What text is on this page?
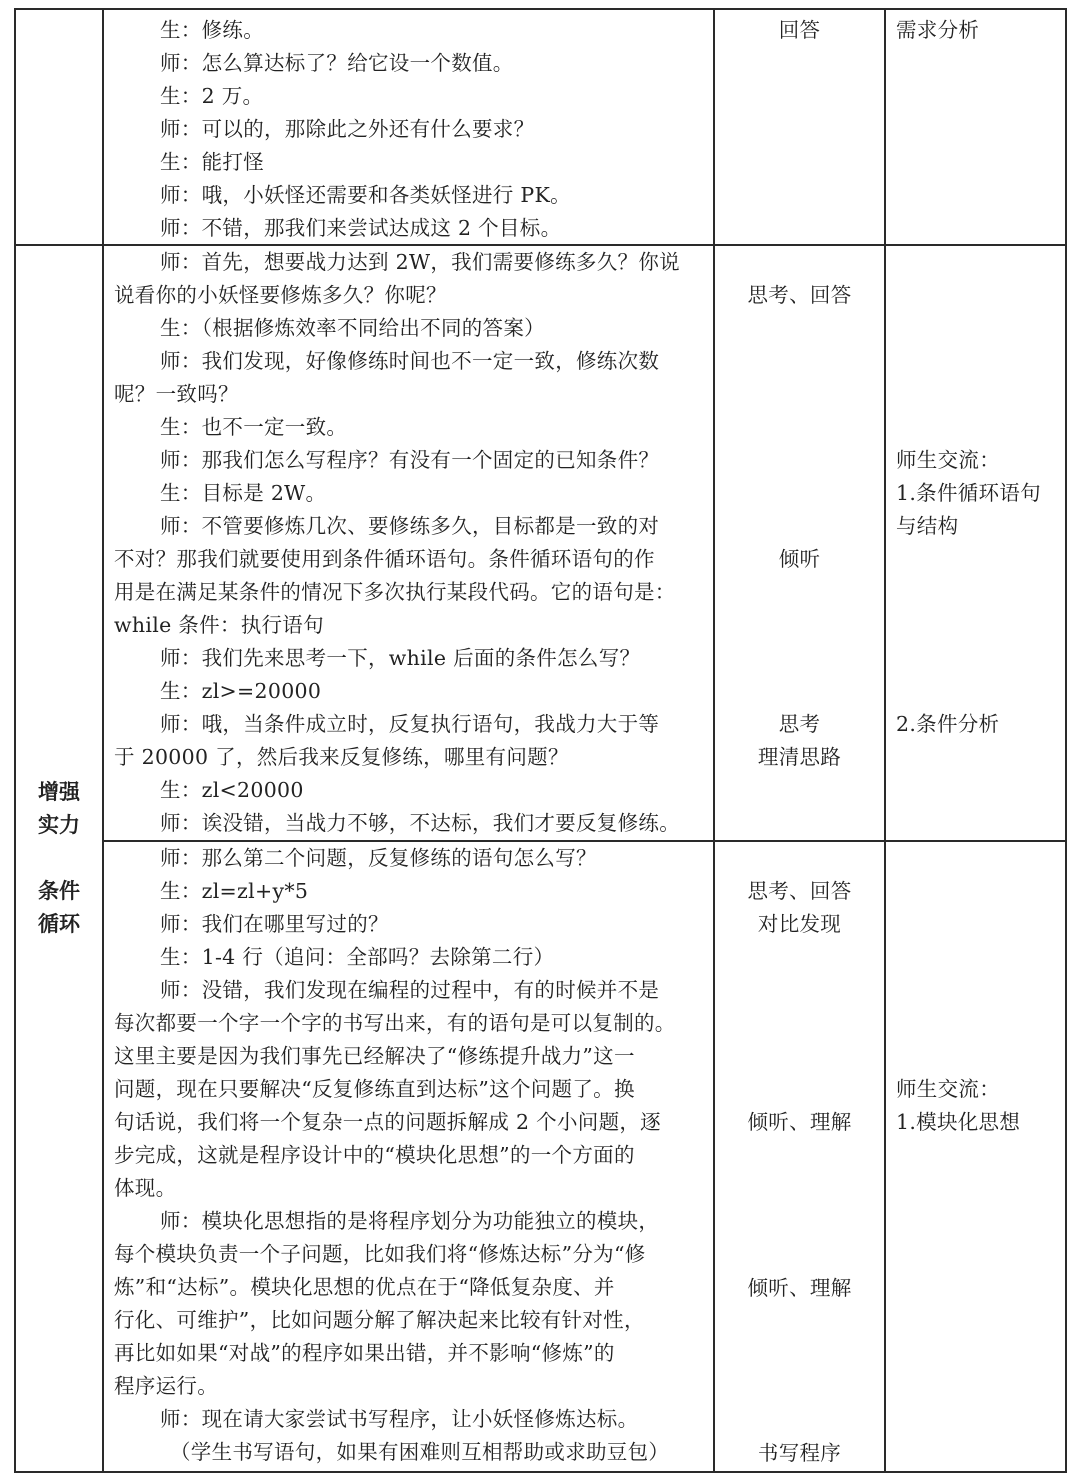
生：修练。
师：怎么算达标了？给它设一个数值。
生：2 万。
师：可以的，那除此之外还有什么要求？
生：能打怪
师：哦，小妖怪还需要和各类妖怪进行 PK。
师：不错，那我们来尝试达成这 2 个目标。
回答	需求分析
增强
实力
条件
循环
师：首先，想要战力达到 2W，我们需要修练多久？你说
说看你的小妖怪要修炼多久？你呢？
生：（根据修炼效率不同给出不同的答案）
师：我们发现，好像修练时间也不一定一致，修练次数
呢？一致吗？
生：也不一定一致。
师：那我们怎么写程序？有没有一个固定的已知条件？
生：目标是 2W。
师：不管要修炼几次、要修练多久，目标都是一致的对
不对？那我们就要使用到条件循环语句。条件循环语句的作
用是在满足某条件的情况下多次执行某段代码。它的语句是：
while 条件：执行语句
师：我们先来思考一下，while 后面的条件怎么写？
生：zl>=20000
师：哦，当条件成立时，反复执行语句，我战力大于等
于 20000 了，然后我来反复修练，哪里有问题？
生：zl<20000
师：诶没错，当战力不够，不达标，我们才要反复修练。
思考、回答
倾听
思考
理清思路
师生交流：
1.条件循环语句
与结构
2.条件分析
师：那么第二个问题，反复修练的语句怎么写？
生：zl=zl+y*5
师：我们在哪里写过的？
生：1-4 行（追问：全部吗？去除第二行）
师：没错，我们发现在编程的过程中，有的时候并不是
每次都要一个字一个字的书写出来，有的语句是可以复制的。
这里主要是因为我们事先已经解决了“修练提升战力”这一
问题，现在只要解决“反复修练直到达标”这个问题了。换
句话说，我们将一个复杂一点的问题拆解成 2 个小问题，逐
步完成，这就是程序设计中的“模块化思想”的一个方面的
体现。
师：模块化思想指的是将程序划分为功能独立的模块，
每个模块负责一个子问题，比如我们将“修炼达标”分为“修
炼”和“达标”。模块化思想的优点在于“降低复杂度、并
行化、可维护”，比如问题分解了解决起来比较有针对性，
再比如如果“对战”的程序如果出错，并不影响“修炼”的
程序运行。
师：现在请大家尝试书写程序，让小妖怪修炼达标。
（学生书写语句，如果有困难则互相帮助或求助豆包）
思考、回答
对比发现
倾听、理解
倾听、理解
书写程序
师生交流：
1.模块化思想
